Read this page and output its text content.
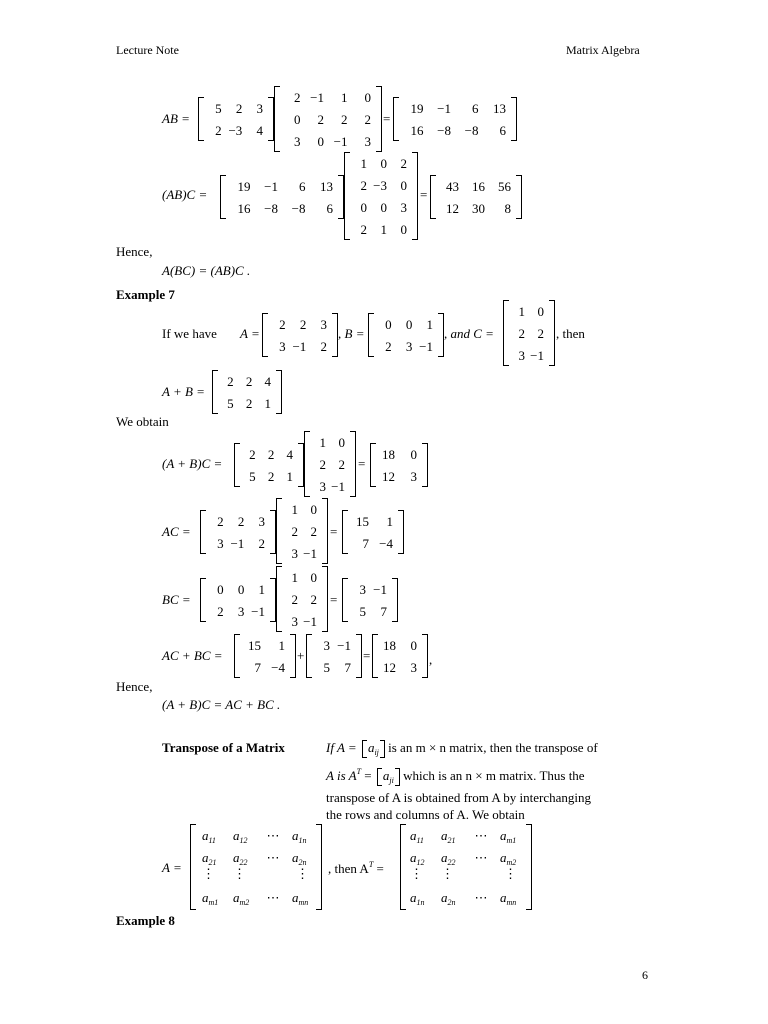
Lecture Note	Matrix Algebra
AB =
5	2	3
2 −3	4
2 −1	1	0
0	2	2	2
3	0 −1	3
=
19	−1	6	13
16	−8	−8	6
(AB)C =
19	−1	6	13
16	−8	−8	6
1	0	2
2 −3	0
0	0	3
2	1	0
=
43	16	56
12	30	8
Hence,
A(BC) = (AB)C .
Example 7
If we have A =
2	2	3
3 −1	2
, B =
0	0	1
2	3 −1
, and C =
1 0
2 2
3 −1
, then
A + B =
2 2 4
5 2 1
We obtain
(A + B)C =
2 2 4
5 2 1
1 0
2 2
3 −1
=
18	0
12	3
AC =
2	2	3
3 −1	2
1 0
2 2
3 −1
=
15	1
7 −4
BC =
0	0	1
2	3 −1
1 0
2 2
3 −1
=
3 −1
5	7
AC + BC =
15	1
7 −4
+
3 −1
5	7
=
18	0
12	3 ,
Hence,
(A + B)C = AC + BC .
Transpose of a Matrix	If $A = a_{ij}$ is an m × n matrix, then the transpose of
A is $A^T = a_{ji}$ which is an n × m matrix. Thus the
transpose of A is obtained from A by interchanging
the rows and columns of A. We obtain
A =
$a_{11}$	$a_{12}$	⋯ $a_{1n}$
$a_{21}$	$a_{22}$	⋯ $a_{2n}$
⋮ ⋮	⋮
$a_{m1}$	$a_{m2}$	⋯ $a_{mn}$
, then $A^T$ =
$a_{11}$	$a_{21}$	⋯ $a_{m1}$
$a_{12}$	$a_{22}$	⋯ $a_{m2}$
⋮ ⋮	⋮
$a_{1n}$	$a_{2n}$	⋯ $a_{mn}$
Example 8
6
